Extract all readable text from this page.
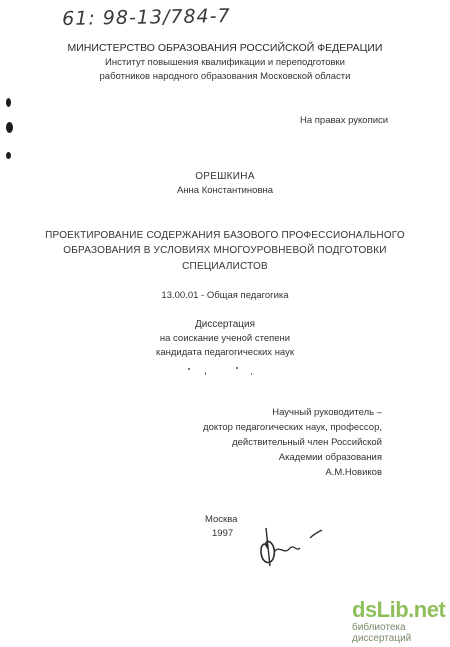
61: 98-13/784-7
МИНИСТЕРСТВО ОБРАЗОВАНИЯ РОССИЙСКОЙ ФЕДЕРАЦИИ
Институт повышения квалификации и переподготовки
работников народного образования Московской области
На правах рукописи
ОРЕШКИНА
Анна Константиновна
ПРОЕКТИРОВАНИЕ СОДЕРЖАНИЯ БАЗОВОГО ПРОФЕССИОНАЛЬНОГО
ОБРАЗОВАНИЯ В УСЛОВИЯХ МНОГОУРОВНЕВОЙ ПОДГОТОВКИ
СПЕЦИАЛИСТОВ
13.00.01 - Общая педагогика
Диссертация
на соискание ученой степени
кандидата педагогических наук
Научный руководитель –
доктор педагогических наук, профессор,
действительный член Российской
Академии образования
А.М.Новиков
Москва
1997
dsLib.net
библиотека диссертаций
